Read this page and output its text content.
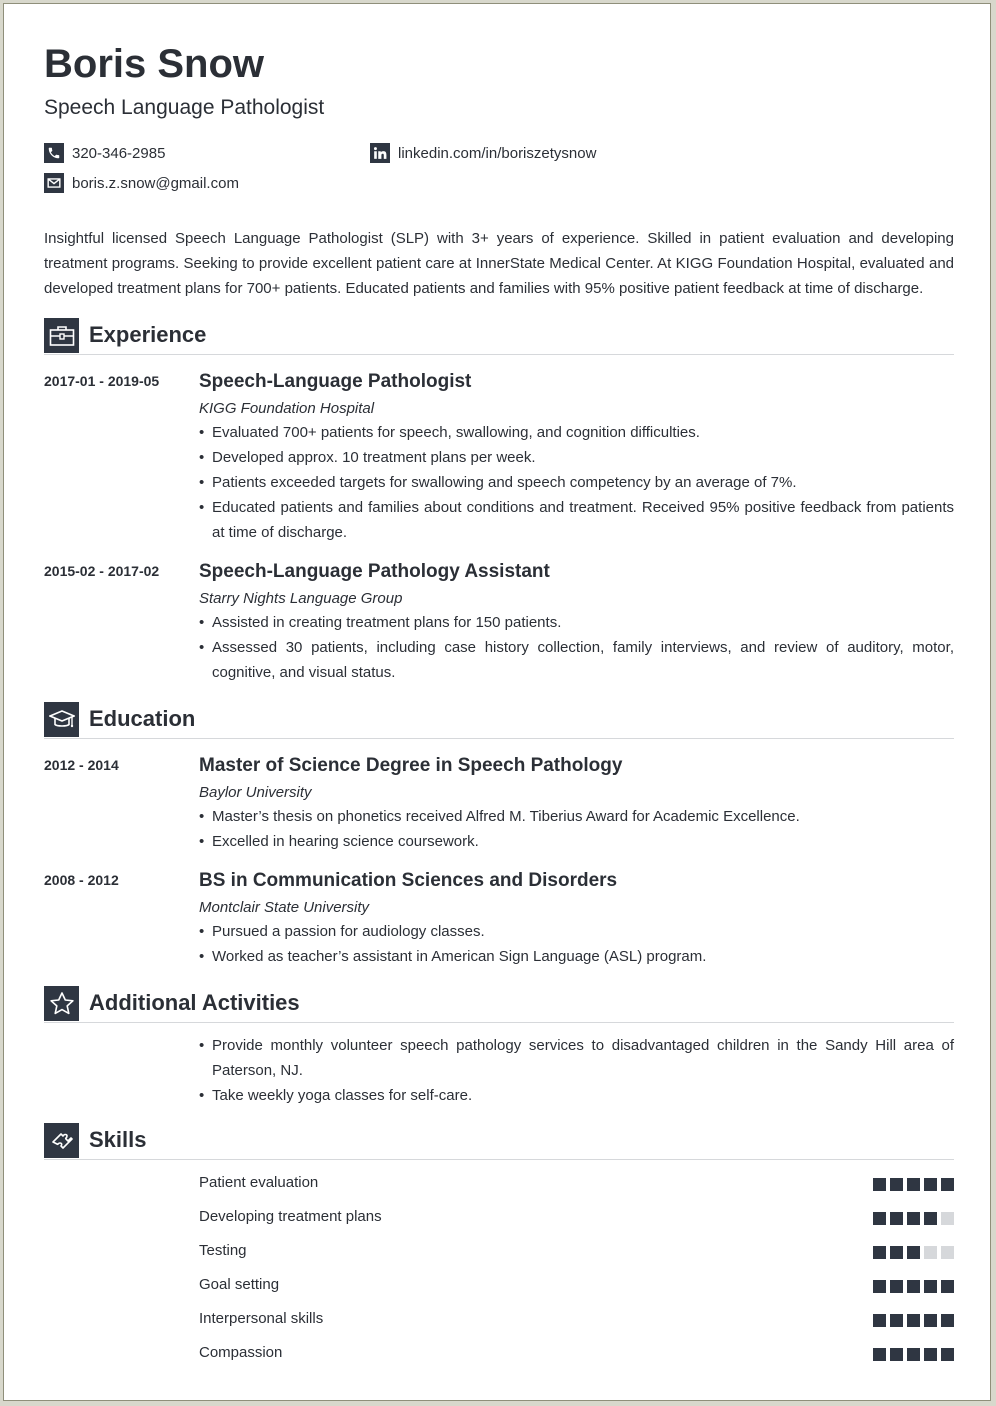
Boris Snow
Speech Language Pathologist
320-346-2985
boris.z.snow@gmail.com
linkedin.com/in/boriszetysnow

Insightful licensed Speech Language Pathologist (SLP) with 3+ years of experience. Skilled in patient evaluation and developing treatment programs. Seeking to provide excellent patient care at InnerState Medical Center. At KIGG Foundation Hospital, evaluated and developed treatment plans for 700+ patients. Educated patients and families with 95% positive patient feedback at time of discharge.

Experience
2017-01 - 2019-05 Speech-Language Pathologist
KIGG Foundation Hospital
• Evaluated 700+ patients for speech, swallowing, and cognition difficulties.
• Developed approx. 10 treatment plans per week.
• Patients exceeded targets for swallowing and speech competency by an average of 7%.
• Educated patients and families about conditions and treatment. Received 95% positive feedback from patients at time of discharge.
2015-02 - 2017-02 Speech-Language Pathology Assistant
Starry Nights Language Group
• Assisted in creating treatment plans for 150 patients.
• Assessed 30 patients, including case history collection, family interviews, and review of auditory, motor, cognitive, and visual status.
Education
2012 - 2014	Master of Science Degree in Speech Pathology
Baylor University
• Master’s thesis on phonetics received Alfred M. Tiberius Award for Academic Excellence.
• Excelled in hearing science coursework.
2008 - 2012	BS in Communication Sciences and Disorders
Montclair State University
• Pursued a passion for audiology classes.
• Worked as teacher’s assistant in American Sign Language (ASL) program.
Additional Activities
• Provide monthly volunteer speech pathology services to disadvantaged children in the Sandy Hill area of Paterson, NJ.
• Take weekly yoga classes for self-care.
Skills
Patient evaluation
Developing treatment plans
Testing
Goal setting
Interpersonal skills
Compassion
